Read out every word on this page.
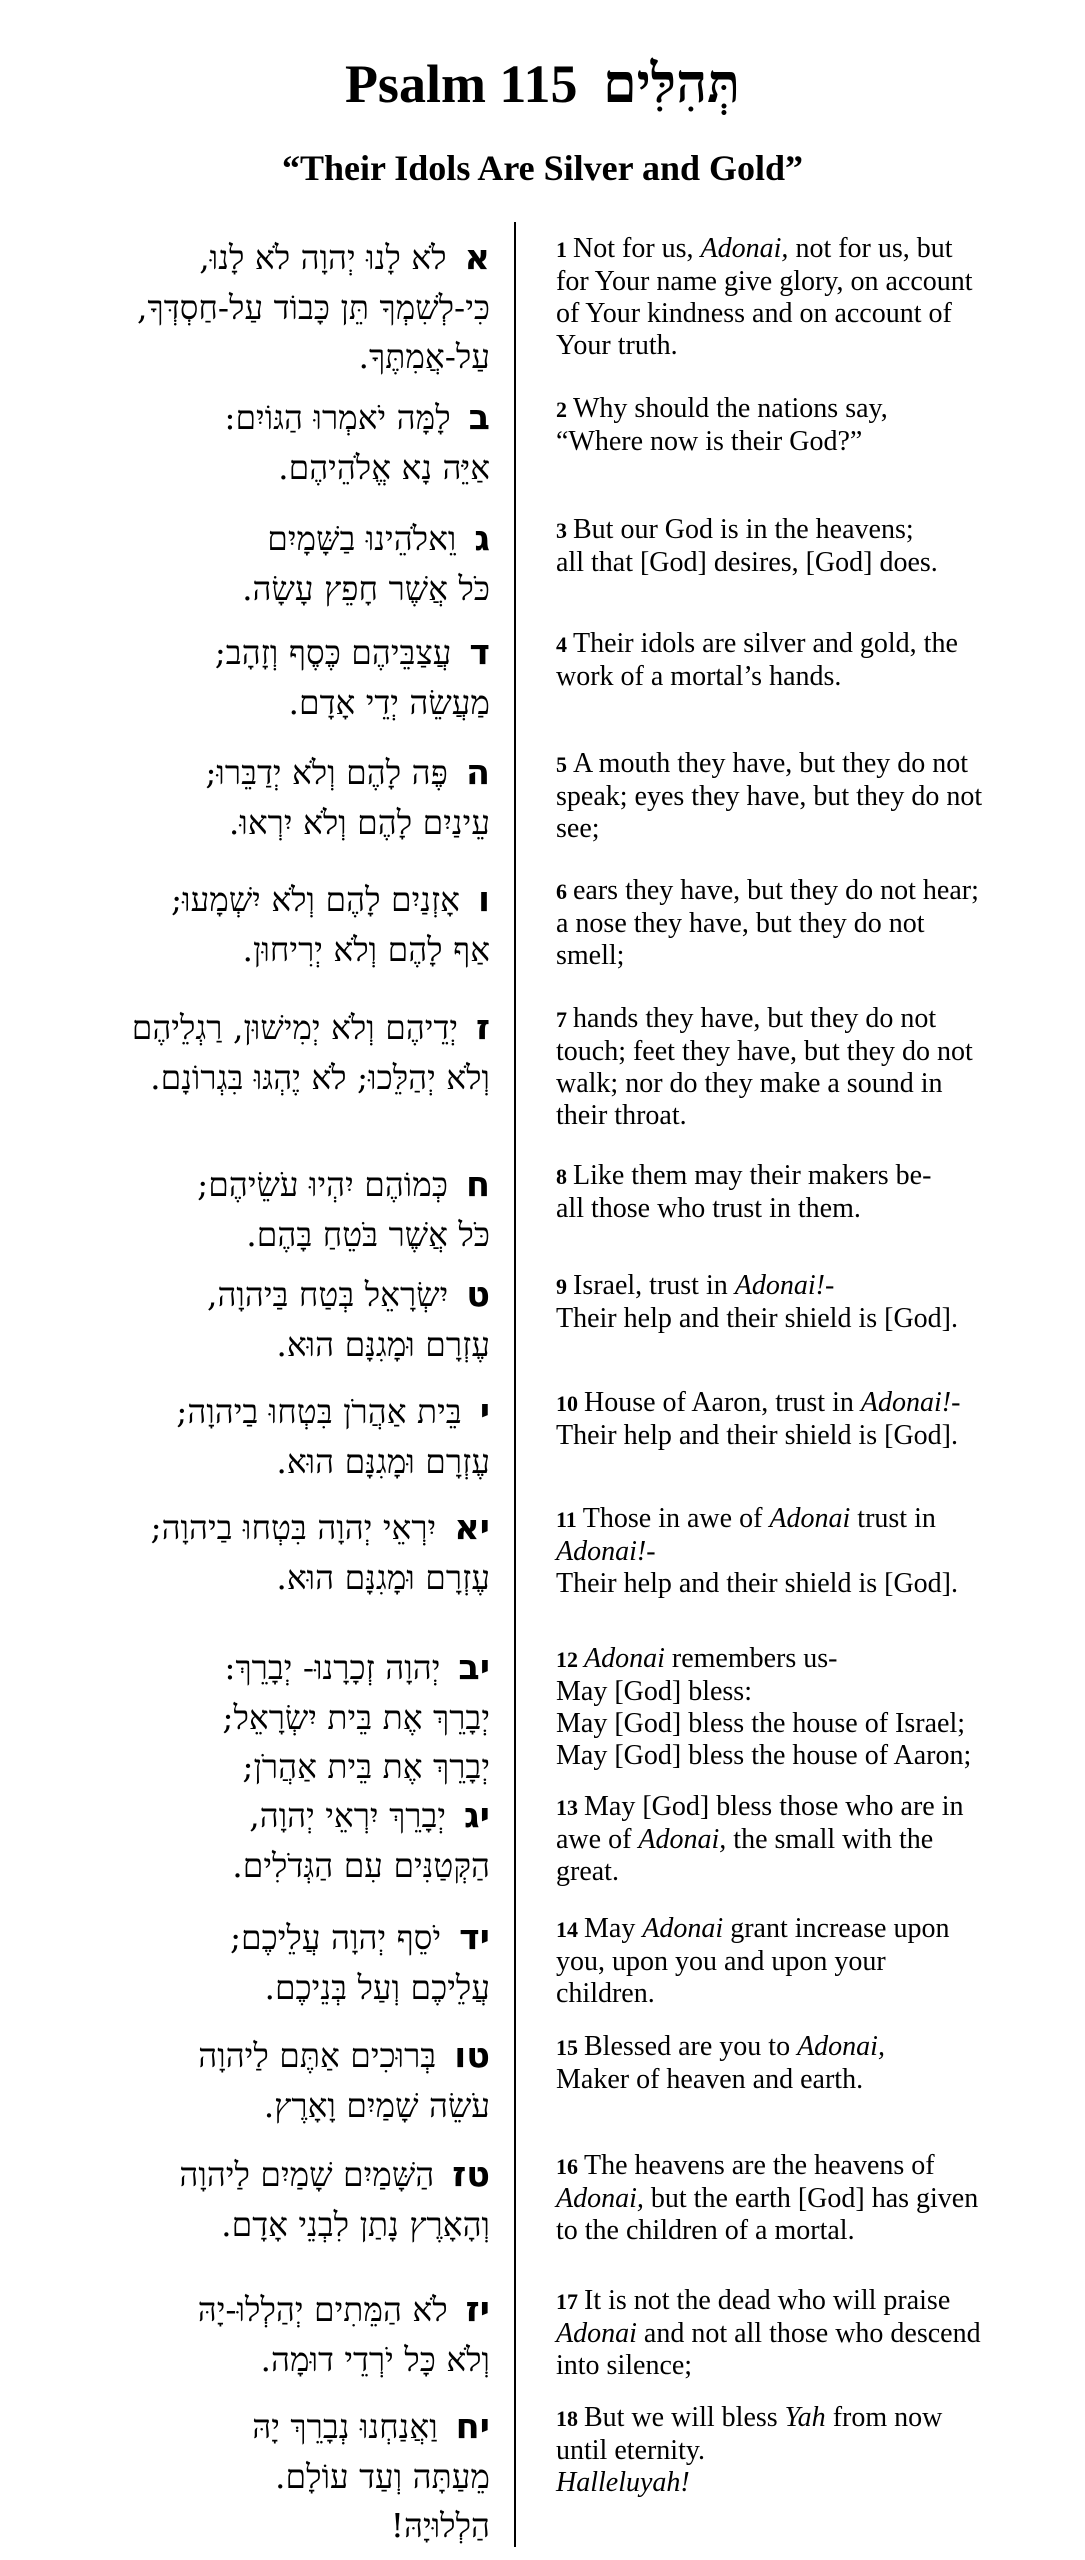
Psalm 115 תְּהִלִּים
“Their Idols Are Silver and Gold”
אלֹא לָנוּ יְהוָה לֹא לָנוּ,
כִּי-לְשִׁמְךָ תֵּן כָּבוֹד עַל-חַסְדְּךָ,
עַל-אֲמִתֶּךָ.
1 Not for us, Adonai, not for us, but
for Your name give glory, on account
of Your kindness and on account of
Your truth.
בלָמָּה יֹאמְרוּ הַגּוֹיִם:
אַיֵּה נָא אֱלֹהֵיהֶם.
2 Why should the nations say,
“Where now is their God?”
גוֵאלֹהֵינוּ בַשָּׁמָיִם
כֹּל אֲשֶׁר חָפֵץ עָשָׂה.
3 But our God is in the heavens;
all that [God] desires, [God] does.
דעֲצַבֵּיהֶם כֶּסֶף וְזָהָב;
מַעֲשֵׂה יְדֵי אָדָם.
4 Their idols are silver and gold, the
work of a mortal’s hands.
הפֶּה לָהֶם וְלֹא יְדַבֵּרוּ;
עֵינַיִם לָהֶם וְלֹא יִרְאוּ.
5 A mouth they have, but they do not
speak; eyes they have, but they do not
see;
ואָזְנַיִם לָהֶם וְלֹא יִשְׁמָעוּ;
אַף לָהֶם וְלֹא יְרִיחוּן.
6 ears they have, but they do not hear;
a nose they have, but they do not
smell;
זיְדֵיהֶם וְלֹא יְמִישׁוּן, רַגְלֵיהֶם
וְלֹא יְהַלֵּכוּ; לֹא יֶהְגּוּ בִּגְרוֹנָם.
7 hands they have, but they do not
touch; feet they have, but they do not
walk; nor do they make a sound in
their throat.
חכְּמוֹהֶם יִהְיוּ עֹשֵׂיהֶם;
כֹּל אֲשֶׁר בֹּטֵחַ בָּהֶם.
8 Like them may their makers be-
all those who trust in them.
טיִשְׂרָאֵל בְּטַח בַּיהוָה,
עֶזְרָם וּמָגִנָּם הוּא.
9 Israel, trust in Adonai!-
Their help and their shield is [God].
יבֵּית אַהֲרֹן בִּטְחוּ בַיהוָה;
עֶזְרָם וּמָגִנָּם הוּא.
10 House of Aaron, trust in Adonai!-
Their help and their shield is [God].
יאיִרְאֵי יְהוָה בִּטְחוּ בַיהוָה;
עֶזְרָם וּמָגִנָּם הוּא.
11 Those in awe of Adonai trust in
Adonai!-
Their help and their shield is [God].
יביְהוָה זְכָרָנוּ- יְבָרֵךְ:
יְבָרֵךְ אֶת בֵּית יִשְׂרָאֵל;
יְבָרֵךְ אֶת בֵּית אַהֲרֹן;
12 Adonai remembers us-
May [God] bless:
May [God] bless the house of Israel;
May [God] bless the house of Aaron;
יגיְבָרֵךְ יִרְאֵי יְהוָה,
הַקְּטַנִּים עִם הַגְּדֹלִים.
13 May [God] bless those who are in
awe of Adonai, the small with the
great.
ידיֹסֵף יְהוָה עֲלֵיכֶם;
עֲלֵיכֶם וְעַל בְּנֵיכֶם.
14 May Adonai grant increase upon
you, upon you and upon your
children.
טובְּרוּכִים אַתֶּם לַיהוָה
עֹשֵׂה שָׁמַיִם וָאָרֶץ.
15 Blessed are you to Adonai,
Maker of heaven and earth.
טזהַשָּׁמַיִם שָׁמַיִם לַיהוָה
וְהָאָרֶץ נָתַן לִבְנֵי אָדָם.
16 The heavens are the heavens of
Adonai, but the earth [God] has given
to the children of a mortal.
יזלֹא הַמֵּתִים יְהַלְלוּ-יָהּ
וְלֹא כָּל יֹרְדֵי דוּמָה.
17 It is not the dead who will praise
Adonai and not all those who descend
into silence;
יחוַאֲנַחְנוּ נְבָרֵךְ יָהּ
מֵעַתָּה וְעַד עוֹלָם.
הַלְלוּיָהּ!
18 But we will bless Yah from now
until eternity.
Halleluyah!
